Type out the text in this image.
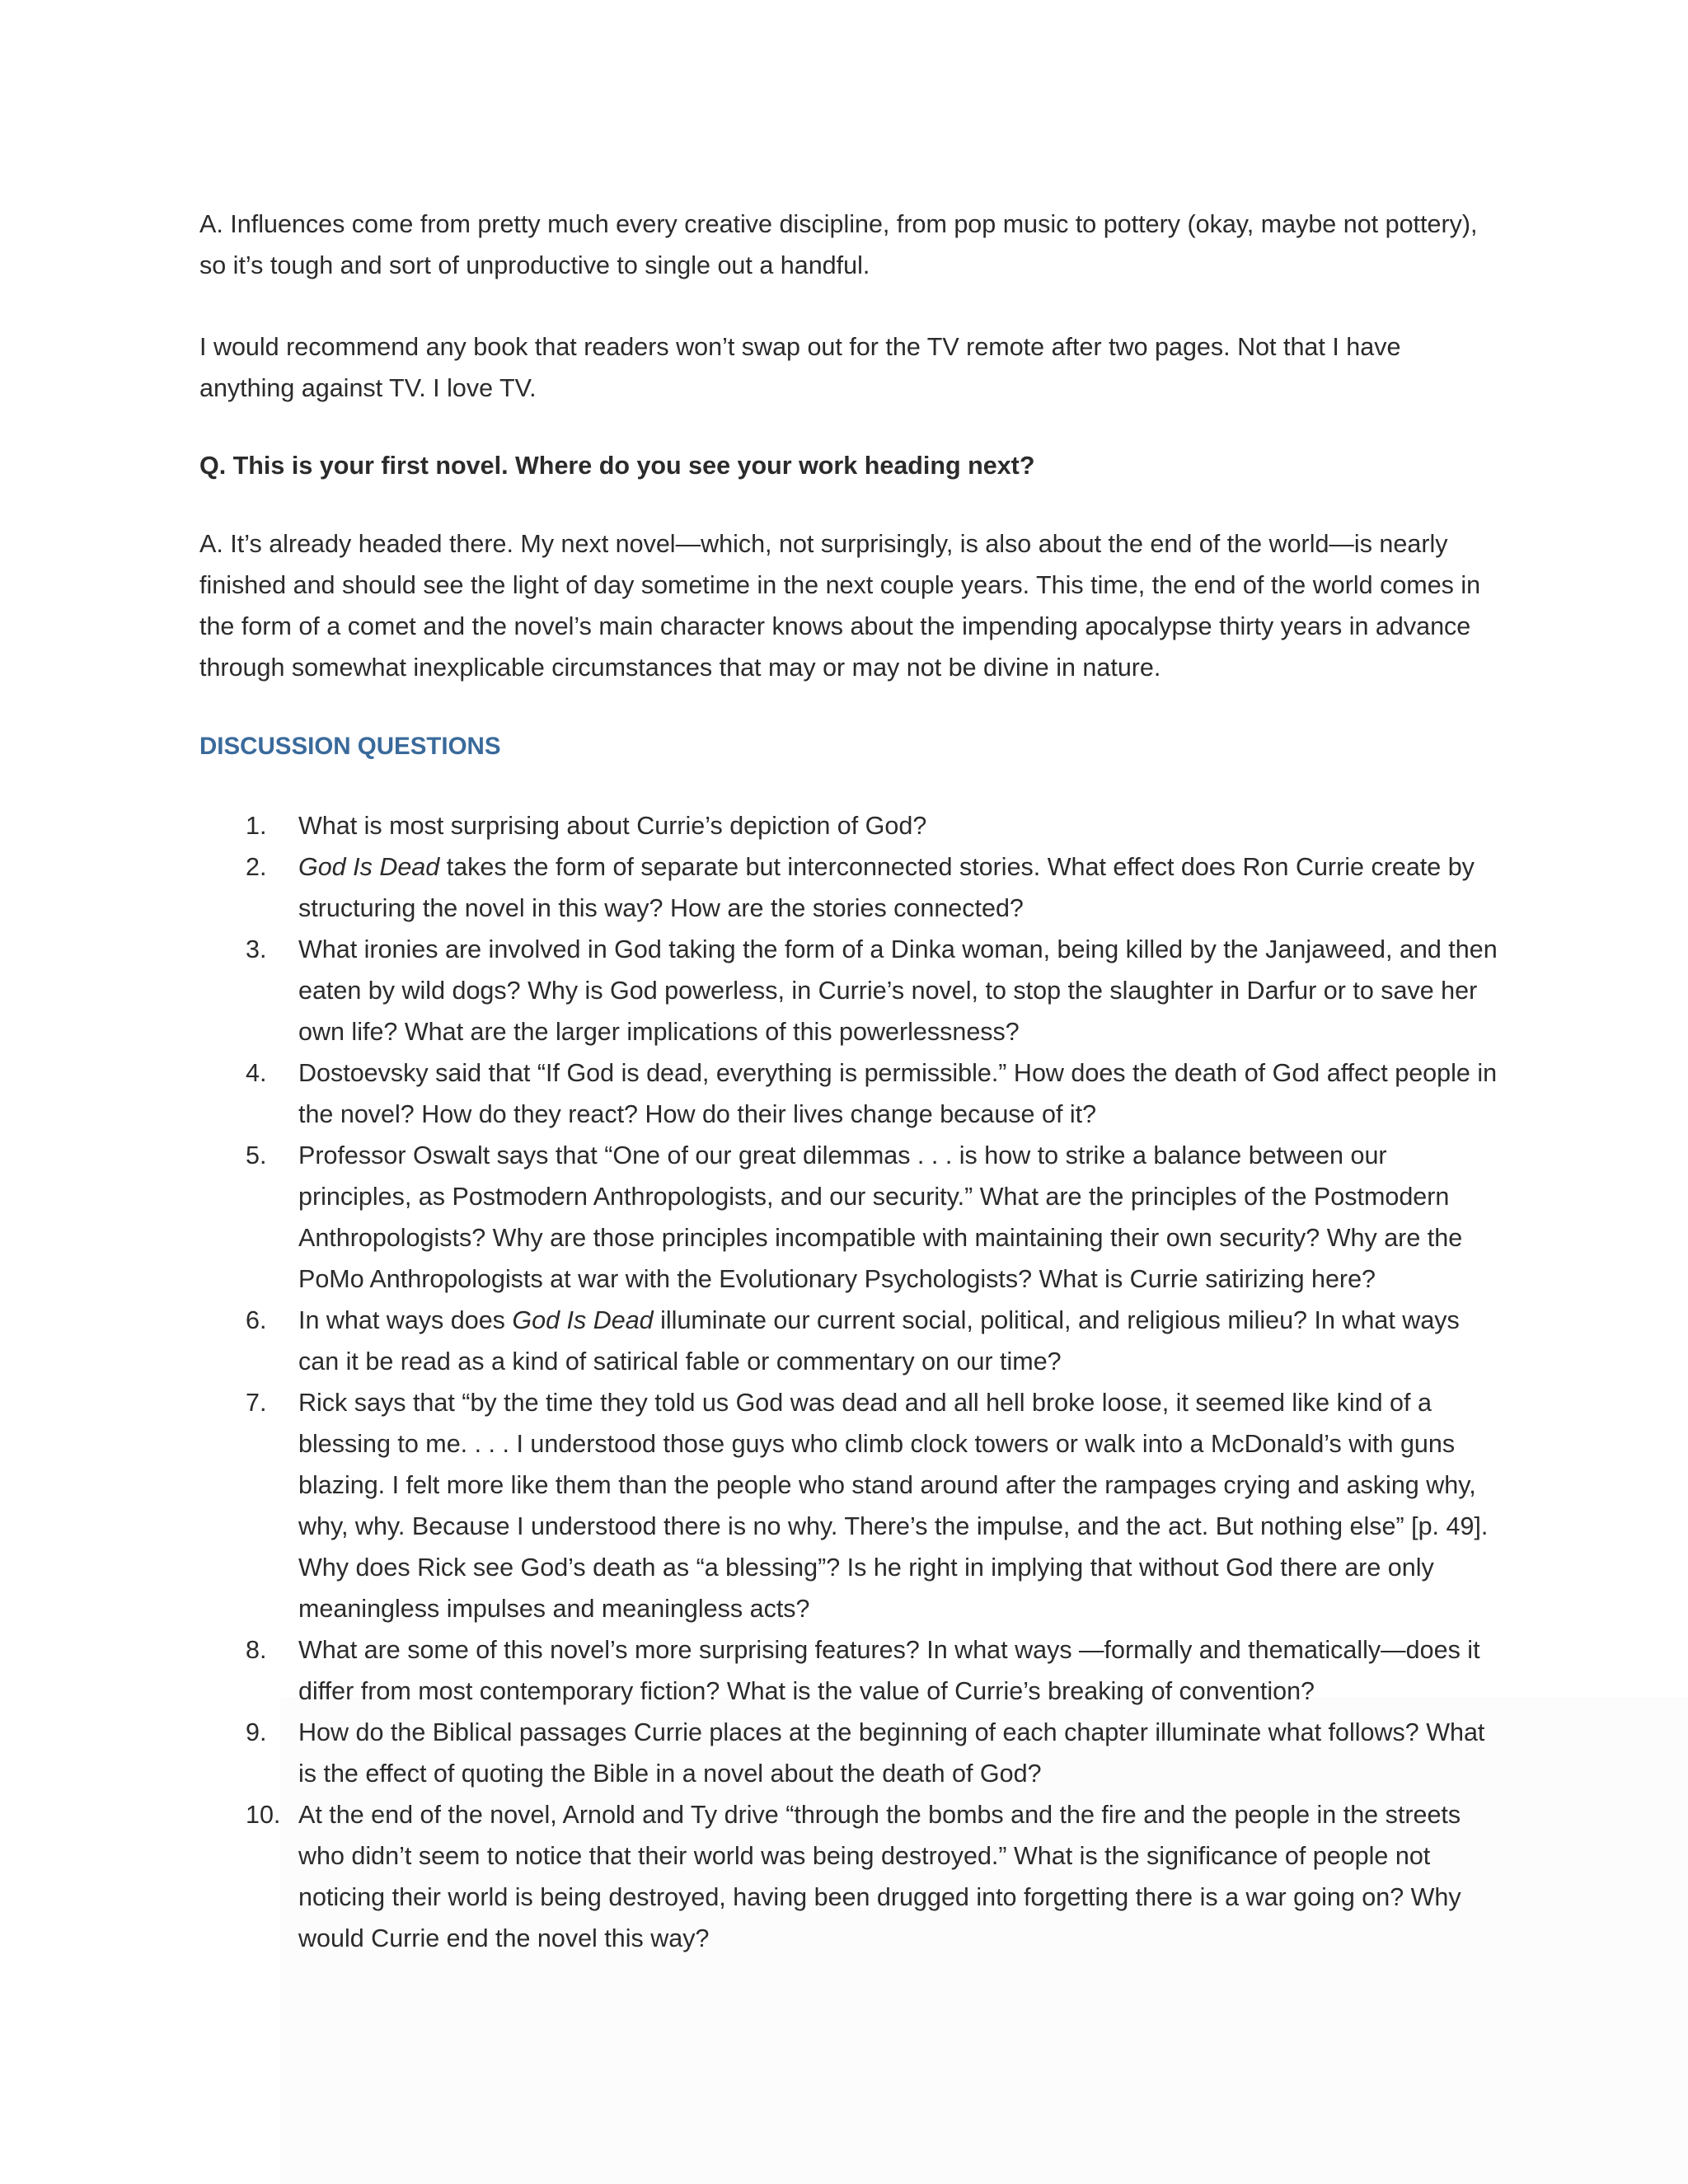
A. Influences come from pretty much every creative discipline, from pop music to pottery (okay, maybe not pottery), so it’s tough and sort of unproductive to single out a handful.

I would recommend any book that readers won’t swap out for the TV remote after two pages. Not that I have anything against TV. I love TV.

Q. This is your first novel. Where do you see your work heading next?

A. It’s already headed there. My next novel—which, not surprisingly, is also about the end of the world—is nearly finished and should see the light of day sometime in the next couple years. This time, the end of the world comes in the form of a comet and the novel’s main character knows about the impending apocalypse thirty years in advance through somewhat inexplicable circumstances that may or may not be divine in nature.

DISCUSSION QUESTIONS

1.	What is most surprising about Currie’s depiction of God?
2.	God Is Dead takes the form of separate but interconnected stories. What effect does Ron Currie create by structuring the novel in this way? How are the stories connected?
3.	What ironies are involved in God taking the form of a Dinka woman, being killed by the Janjaweed, and then eaten by wild dogs? Why is God powerless, in Currie’s novel, to stop the slaughter in Darfur or to save her own life? What are the larger implications of this powerlessness?
4.	Dostoevsky said that “If God is dead, everything is permissible.” How does the death of God affect people in the novel? How do they react? How do their lives change because of it?
5.	Professor Oswalt says that “One of our great dilemmas . . . is how to strike a balance between our principles, as Postmodern Anthropologists, and our security.” What are the principles of the Postmodern Anthropologists? Why are those principles incompatible with maintaining their own security? Why are the PoMo Anthropologists at war with the Evolutionary Psychologists? What is Currie satirizing here?
6.	In what ways does God Is Dead illuminate our current social, political, and religious milieu? In what ways can it be read as a kind of satirical fable or commentary on our time?
7.	Rick says that “by the time they told us God was dead and all hell broke loose, it seemed like kind of a blessing to me. . . . I understood those guys who climb clock towers or walk into a McDonald’s with guns blazing. I felt more like them than the people who stand around after the rampages crying and asking why, why, why. Because I understood there is no why. There’s the impulse, and the act. But nothing else” [p. 49]. Why does Rick see God’s death as “a blessing”? Is he right in implying that without God there are only meaningless impulses and meaningless acts?
8.	What are some of this novel’s more surprising features? In what ways —formally and thematically—does it differ from most contemporary fiction? What is the value of Currie’s breaking of convention?
9.	How do the Biblical passages Currie places at the beginning of each chapter illuminate what follows? What is the effect of quoting the Bible in a novel about the death of God?
10. At the end of the novel, Arnold and Ty drive “through the bombs and the fire and the people in the streets who didn’t seem to notice that their world was being destroyed.” What is the significance of people not noticing their world is being destroyed, having been drugged into forgetting there is a war going on? Why would Currie end the novel this way?
